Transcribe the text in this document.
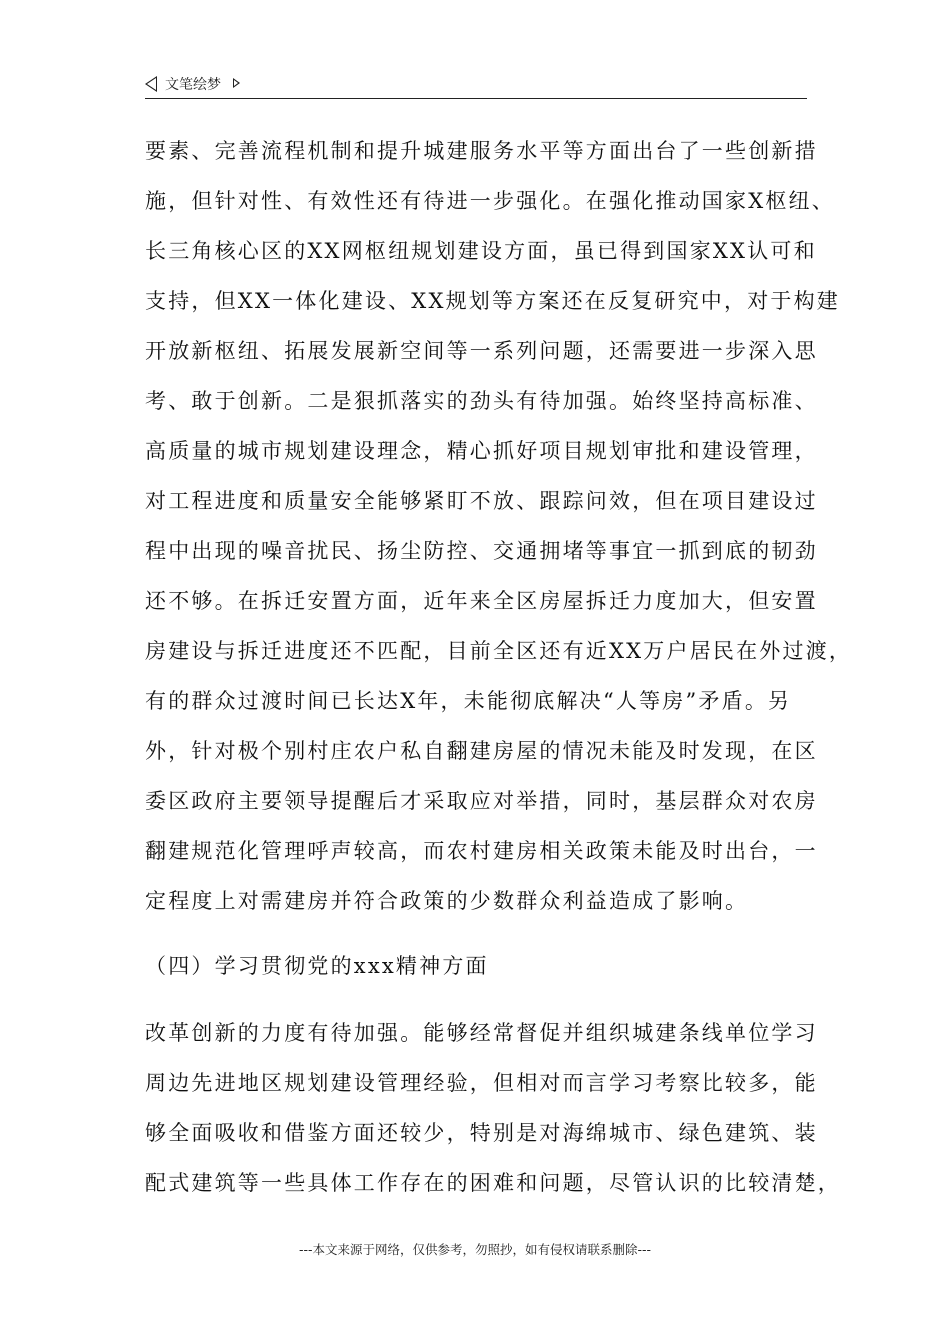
文笔绘梦
要素、完善流程机制和提升城建服务水平等方面出台了一些创新措
施，但针对性、有效性还有待进一步强化。在强化推动国家X枢纽、
长三角核心区的XX网枢纽规划建设方面，虽已得到国家XX认可和
支持，但XX一体化建设、XX规划等方案还在反复研究中，对于构建
开放新枢纽、拓展发展新空间等一系列问题，还需要进一步深入思
考、敢于创新。二是狠抓落实的劲头有待加强。始终坚持高标准、
高质量的城市规划建设理念，精心抓好项目规划审批和建设管理，
对工程进度和质量安全能够紧盯不放、跟踪问效，但在项目建设过
程中出现的噪音扰民、扬尘防控、交通拥堵等事宜一抓到底的韧劲
还不够。在拆迁安置方面，近年来全区房屋拆迁力度加大，但安置
房建设与拆迁进度还不匹配，目前全区还有近XX万户居民在外过渡，
有的群众过渡时间已长达X年，未能彻底解决“人等房”矛盾。另
外，针对极个别村庄农户私自翻建房屋的情况未能及时发现，在区
委区政府主要领导提醒后才采取应对举措，同时，基层群众对农房
翻建规范化管理呼声较高，而农村建房相关政策未能及时出台，一
定程度上对需建房并符合政策的少数群众利益造成了影响。
（四）学习贯彻党的xxx精神方面
改革创新的力度有待加强。能够经常督促并组织城建条线单位学习
周边先进地区规划建设管理经验，但相对而言学习考察比较多，能
够全面吸收和借鉴方面还较少，特别是对海绵城市、绿色建筑、装
配式建筑等一些具体工作存在的困难和问题，尽管认识的比较清楚，
---本文来源于网络，仅供参考，勿照抄，如有侵权请联系删除---
